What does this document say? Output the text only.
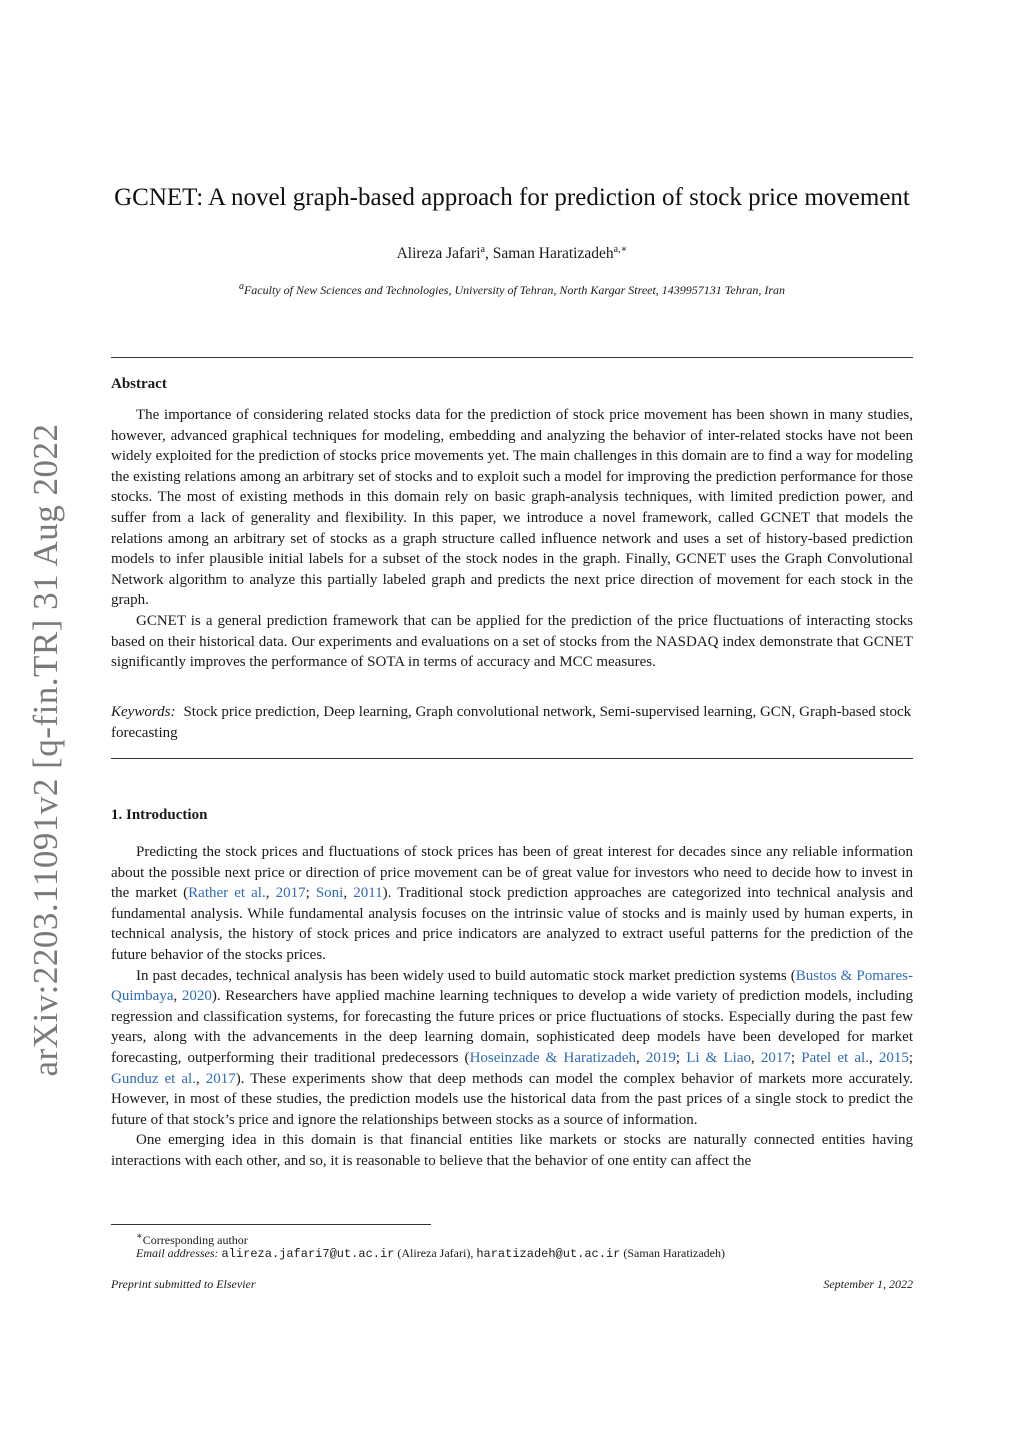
arXiv:2203.11091v2 [q-fin.TR] 31 Aug 2022
GCNET: A novel graph-based approach for prediction of stock price movement
Alireza Jafari$^a$, Saman Haratizadeh$^{a,∗}$
$^a$Faculty of New Sciences and Technologies, University of Tehran, North Kargar Street, 1439957131 Tehran, Iran
Abstract

The importance of considering related stocks data for the prediction of stock price movement has been shown in many studies, however, advanced graphical techniques for modeling, embedding and analyzing the behavior of inter-related stocks have not been widely exploited for the prediction of stocks price movements yet. The main challenges in this domain are to find a way for modeling the existing relations among an arbitrary set of stocks and to exploit such a model for improving the prediction performance for those stocks. The most of existing methods in this domain rely on basic graph-analysis techniques, with limited prediction power, and suffer from a lack of generality and flexibility. In this paper, we introduce a novel framework, called GCNET that models the relations among an arbitrary set of stocks as a graph structure called influence network and uses a set of history-based prediction models to infer plausible initial labels for a subset of the stock nodes in the graph. Finally, GCNET uses the Graph Convolutional Network algorithm to analyze this partially labeled graph and predicts the next price direction of movement for each stock in the graph.

GCNET is a general prediction framework that can be applied for the prediction of the price fluctuations of interacting stocks based on their historical data. Our experiments and evaluations on a set of stocks from the NASDAQ index demonstrate that GCNET significantly improves the performance of SOTA in terms of accuracy and MCC measures.

Keywords: Stock price prediction, Deep learning, Graph convolutional network, Semi-supervised learning, GCN, Graph-based stock forecasting
1. Introduction

Predicting the stock prices and fluctuations of stock prices has been of great interest for decades since any reliable information about the possible next price or direction of price movement can be of great value for investors who need to decide how to invest in the market (Rather et al., 2017; Soni, 2011). Traditional stock prediction approaches are categorized into technical analysis and fundamental analysis. While fundamental analysis focuses on the intrinsic value of stocks and is mainly used by human experts, in technical analysis, the history of stock prices and price indicators are analyzed to extract useful patterns for the prediction of the future behavior of the stocks prices.

In past decades, technical analysis has been widely used to build automatic stock market prediction systems (Bustos & Pomares-Quimbaya, 2020). Researchers have applied machine learning techniques to develop a wide variety of prediction models, including regression and classification systems, for forecasting the future prices or price fluctuations of stocks. Especially during the past few years, along with the advancements in the deep learning domain, sophisticated deep models have been developed for market forecasting, outperforming their traditional predecessors (Hoseinzade & Haratizadeh, 2019; Li & Liao, 2017; Patel et al., 2015; Gunduz et al., 2017). These experiments show that deep methods can model the complex behavior of markets more accurately. However, in most of these studies, the prediction models use the historical data from the past prices of a single stock to predict the future of that stock’s price and ignore the relationships between stocks as a source of information.

One emerging idea in this domain is that financial entities like markets or stocks are naturally connected entities having interactions with each other, and so, it is reasonable to believe that the behavior of one entity can affect the

∗Corresponding author
Email addresses: alireza.jafari7@ut.ac.ir (Alireza Jafari), haratizadeh@ut.ac.ir (Saman Haratizadeh)
Preprint submitted to Elsevier	September 1, 2022
